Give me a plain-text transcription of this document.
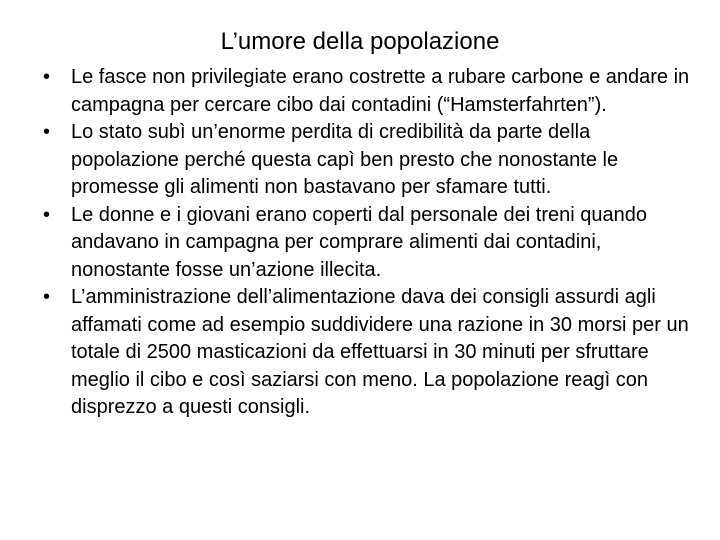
L’umore della popolazione
• Le fasce non privilegiate erano costrette a rubare carbone e andare in campagna per cercare cibo dai contadini (“Hamsterfahrten”).
• Lo stato subì un’enorme perdita di credibilità da parte della popolazione perché questa capì ben presto che nonostante le promesse gli alimenti non bastavano per sfamare tutti.
• Le donne e i giovani erano coperti dal personale dei treni quando andavano in campagna per comprare alimenti dai contadini, nonostante fosse un’azione illecita.
• L’amministrazione dell’alimentazione dava dei consigli assurdi agli affamati come ad esempio suddividere una razione in 30 morsi per un totale di 2500 masticazioni da effettuarsi in 30 minuti per sfruttare meglio il cibo e così saziarsi con meno. La popolazione reagì con disprezzo a questi consigli.
